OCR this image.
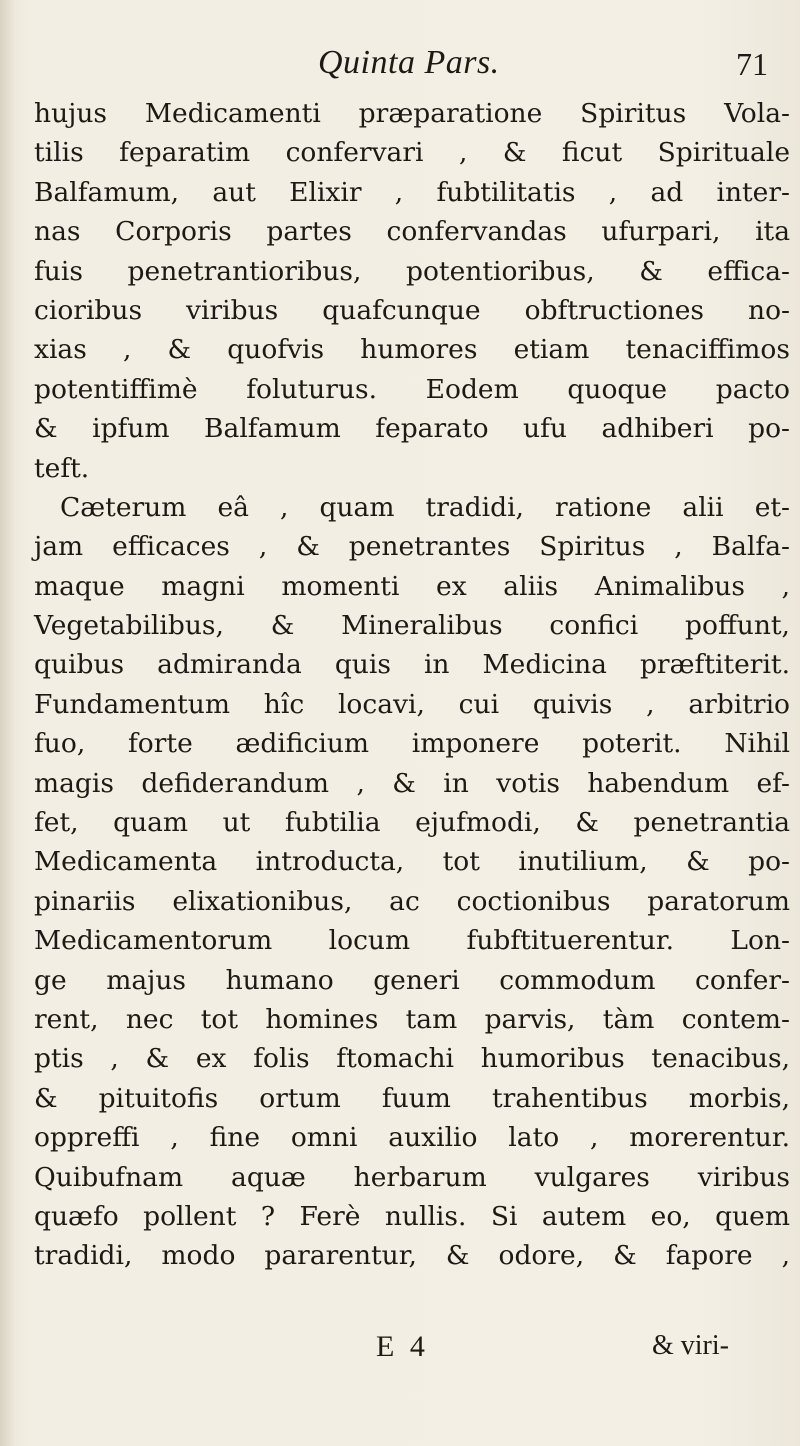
Quinta Pars.	71
hujus Medicamenti præparatione Spiritus Vola-
tilis feparatim confervari , & ficut Spirituale
Balfamum, aut Elixir , fubtilitatis , ad inter-
nas Corporis partes confervandas ufurpari, ita
fuis penetrantioribus, potentioribus, & effica-
cioribus viribus quafcunque obftructiones no-
xias , & quofvis humores etiam tenaciffimos
potentiffimè foluturus. Eodem quoque pacto
& ipfum Balfamum feparato ufu adhiberi po-
teft.
Cæterum eâ , quam tradidi, ratione alii et-
jam efficaces , & penetrantes Spiritus , Balfa-
maque magni momenti ex aliis Animalibus ,
Vegetabilibus, & Mineralibus confici poffunt,
quibus admiranda quis in Medicina præftiterit.
Fundamentum hîc locavi, cui quivis , arbitrio
fuo, forte ædificium imponere poterit. Nihil
magis defiderandum , & in votis habendum ef-
fet, quam ut fubtilia ejufmodi, & penetrantia
Medicamenta introducta, tot inutilium, & po-
pinariis elixationibus, ac coctionibus paratorum
Medicamentorum locum fubftituerentur. Lon-
ge majus humano generi commodum confer-
rent, nec tot homines tam parvis, tàm contem-
ptis , & ex folis ftomachi humoribus tenacibus,
& pituitofis ortum fuum trahentibus morbis,
oppreffi , fine omni auxilio lato , morerentur.
Quibufnam aquæ herbarum vulgares viribus
quæfo pollent ? Ferè nullis. Si autem eo, quem
tradidi, modo pararentur, & odore, & fapore ,
E 4	& viri-
